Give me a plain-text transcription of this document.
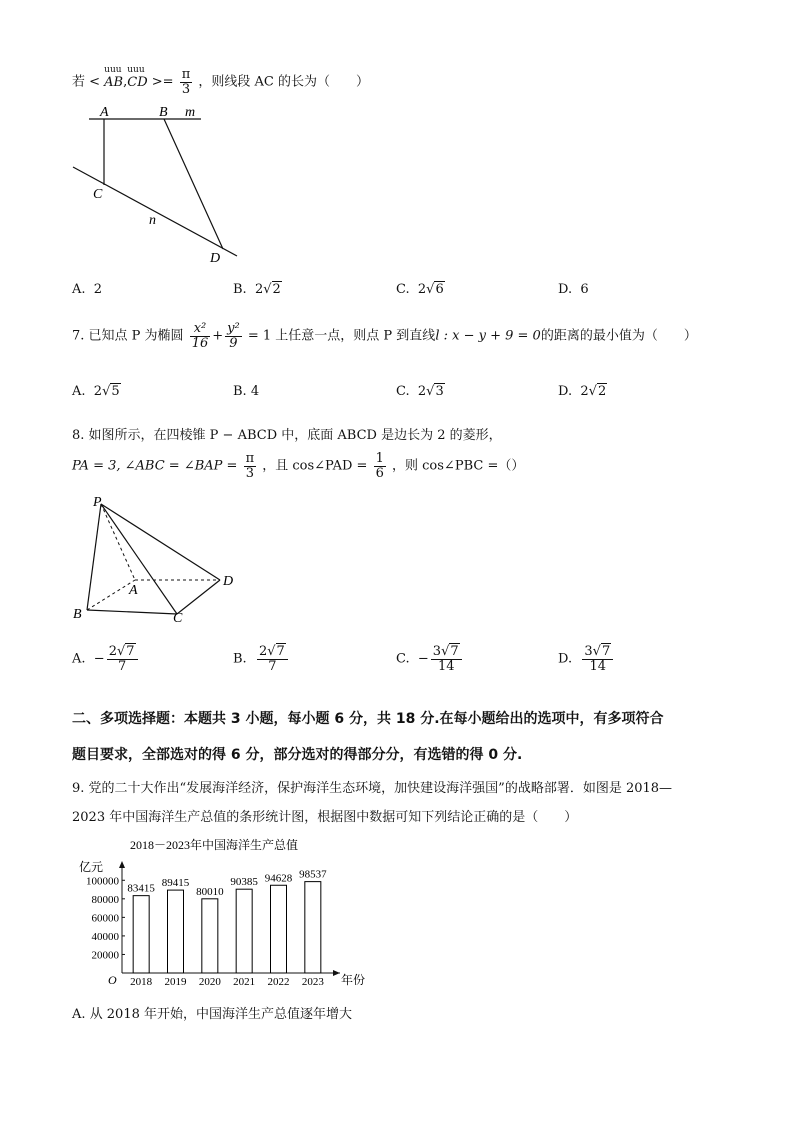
若 <
uuu
AB,
uuu
CD >= $\frac{\pi}{3}$ ，则线段 AC 的长为（　　）
A	B m
C
n
D
A. 2	B. 2√2	C. 2√6	D. 6
7. 已知点 P 为椭圆 $\frac{\text{x²}}{16} + \frac{\text{y²}}{9} = 1$ 上任意一点，则点 P 到直线l : x − y + 9 = 0的距离的最小值为（　　）
A. 2√5	B. 4	C. 2√3	D. 2√2
8. 如图所示，在四棱锥 P − ABCD 中，底面 ABCD 是边长为 2 的菱形，
PA = 3, ∠ABC = ∠BAP = $\frac{\pi}{3}$ ，且 cos∠PAD = $\frac{1}{6}$ ，则 cos∠PBC =（）
P
A
B	C
D
A. − $\frac{2√7}{7}$	B. $\frac{2√7}{7}$	C. − $\frac{3√7}{14}$	D. $\frac{3√7}{14}$
二、多项选择题：本题共 3 小题，每小题 6 分，共 18 分.在每小题给出的选项中，有多项符合
题目要求，全部选对的得 6 分，部分选对的得部分分，有选错的得 0 分.
9. 党的二十大作出“发展海洋经济，保护海洋生态环境，加快建设海洋强国”的战略部署．如图是 2018—
2023 年中国海洋生产总值的条形统计图，根据图中数据可知下列结论正确的是（　　）
2018－2023年中国海洋生产总值
亿元
年份
O
20000
40000
60000
80000
100000
83415
2018
89415
2019
80010
2020
90385
2021
94628
2022
98537
2023
A. 从 2018 年开始，中国海洋生产总值逐年增大
